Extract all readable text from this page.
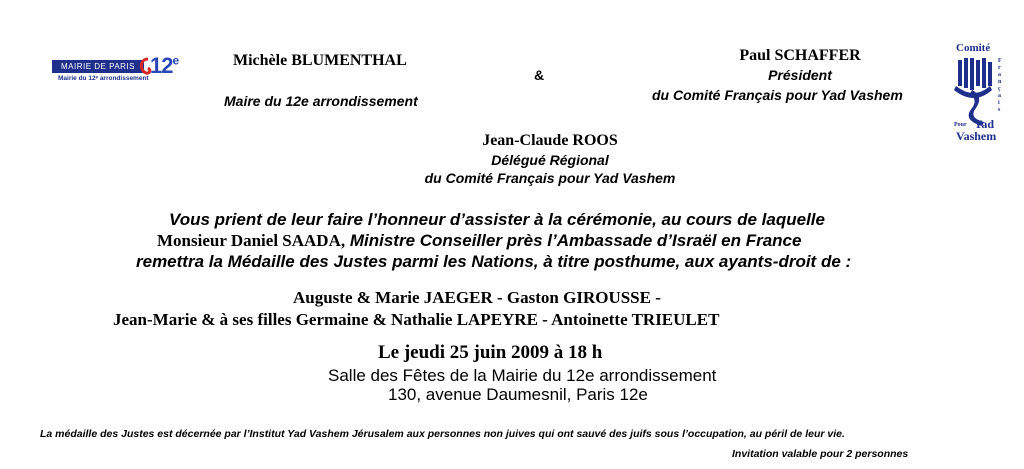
MAIRIE DE PARIS 12e
Mairie du 12ᵉ arrondissement
Comité
F
r
a
n
ç
a
i
s
Pour Yad
Vashem
Michèle BLUMENTHAL
Maire du 12e arrondissement
&
Paul SCHAFFER
Président
du Comité Français pour Yad Vashem
Jean-Claude ROOS
Délégué Régional
du Comité Français pour Yad Vashem
Vous prient de leur faire l’honneur d’assister à la cérémonie, au cours de laquelle
Monsieur Daniel SAADA, Ministre Conseiller près l’Ambassade d’Israël en France
remettra la Médaille des Justes parmi les Nations, à titre posthume, aux ayants-droit de :
Auguste & Marie JAEGER - Gaston GIROUSSE -
Jean-Marie & à ses filles Germaine & Nathalie LAPEYRE - Antoinette TRIEULET
Le jeudi 25 juin 2009 à 18 h
Salle des Fêtes de la Mairie du 12e arrondissement
130, avenue Daumesnil, Paris 12e
La médaille des Justes est décernée par l’Institut Yad Vashem Jérusalem aux personnes non juives qui ont sauvé des juifs sous l’occupation, au péril de leur vie.
Invitation valable pour 2 personnes
